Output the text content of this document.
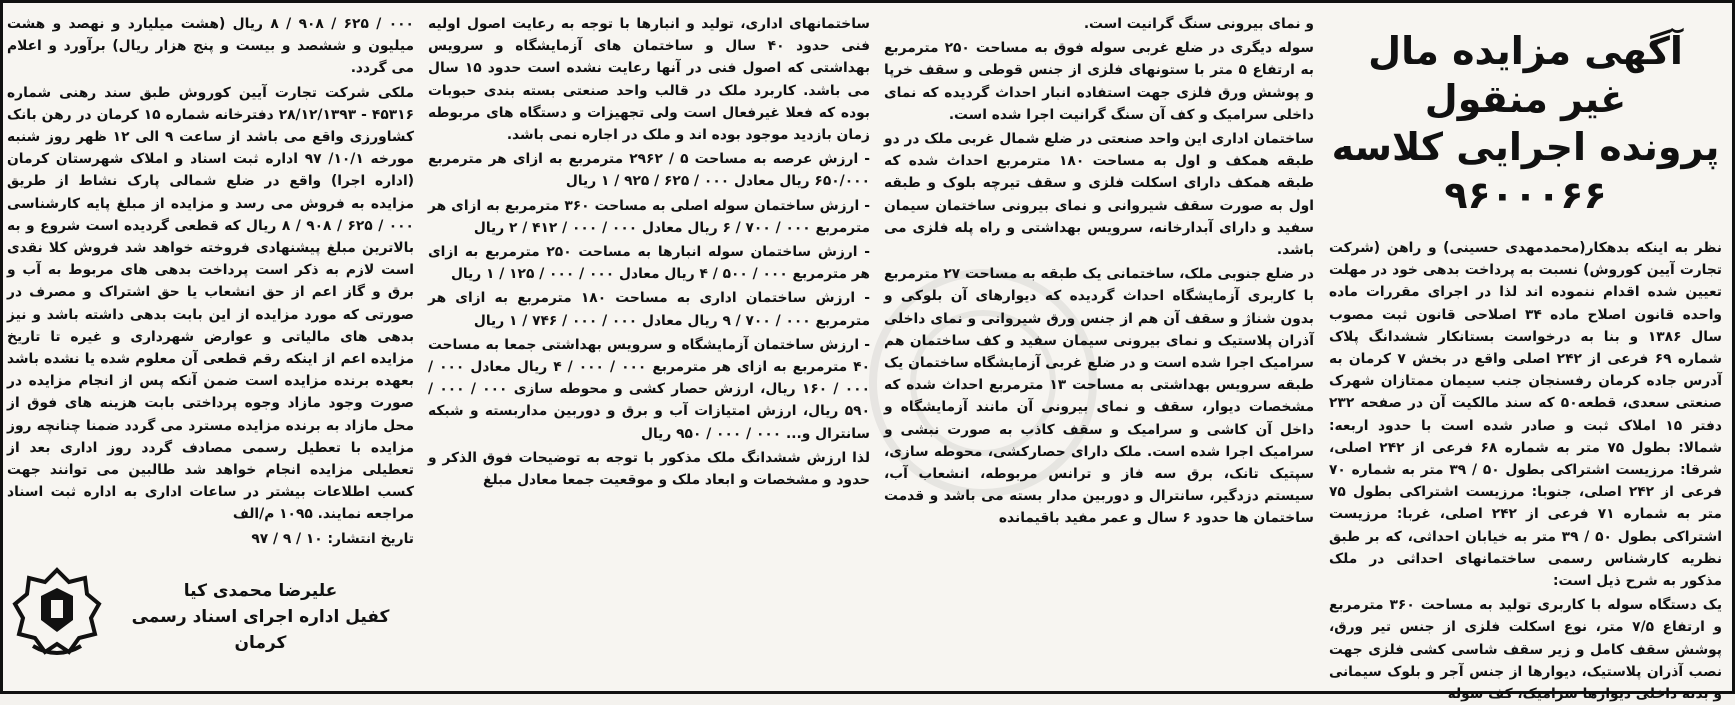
آگهی مزایده مال غیر منقول
پرونده اجرایی کلاسه ۹۶۰۰۰۶۶

نظر به اینکه بدهکار(محمدمهدی حسینی) و راهن (شرکت تجارت آیین کوروش) نسبت به پرداخت بدهی خود در مهلت تعیین شده اقدام ننموده اند لذا در اجرای مقررات ماده واحده قانون اصلاح ماده ۳۴ اصلاحی قانون ثبت مصوب سال ۱۳۸۶ و بنا به درخواست بستانکار ششدانگ پلاک شماره ۶۹ فرعی از ۲۴۲ اصلی واقع در بخش ۷ کرمان به آدرس جاده کرمان رفسنجان جنب سیمان ممتازان شهرک صنعتی سعدی، قطعه۵۰ که سند مالکیت آن در صفحه ۲۳۲ دفتر ۱۵ املاک ثبت و صادر شده است با حدود اربعه: شمالا: بطول ۷۵ متر به شماره ۶۸ فرعی از ۲۴۲ اصلی، شرقا: مرزیست اشتراکی بطول ۵۰ / ۳۹ متر به شماره ۷۰ فرعی از ۲۴۲ اصلی، جنوبا: مرزیست اشتراکی بطول ۷۵ متر به شماره ۷۱ فرعی از ۲۴۲ اصلی، غربا: مرزیست اشتراکی بطول ۵۰ / ۳۹ متر به خیابان احداثی، که بر طبق نظریه کارشناس رسمی ساختمانهای احداثی در ملک مذکور به شرح ذیل است:

یک دستگاه سوله با کاربری تولید به مساحت ۳۶۰ مترمربع و ارتفاع ۷/۵ متر، نوع اسکلت فلزی از جنس تیر ورق، پوشش سقف کامل و زیر سقف شاسی کشی فلزی جهت نصب آذران پلاستیک، دیوارها از جنس آجر و بلوک سیمانی و بدنه داخلی دیوارها سرامیک، کف سوله

و نمای بیرونی سنگ گرانیت است.

سوله دیگری در ضلع غربی سوله فوق به مساحت ۲۵۰ مترمربع به ارتفاع ۵ متر با ستونهای فلزی از جنس قوطی و سقف خرپا و پوشش ورق فلزی جهت استفاده انبار احداث گردیده که نمای داخلی سرامیک و کف آن سنگ گرانیت اجرا شده است.

ساختمان اداری این واحد صنعتی در ضلع شمال غربی ملک در دو طبقه همکف و اول به مساحت ۱۸۰ مترمربع احداث شده که طبقه همکف دارای اسکلت فلزی و سقف تیرچه بلوک و طبقه اول به صورت سقف شیروانی و نمای بیرونی ساختمان سیمان سفید و دارای آبدارخانه، سرویس بهداشتی و راه پله فلزی می باشد.

در ضلع جنوبی ملک، ساختمانی یک طبقه به مساحت ۲۷ مترمربع با کاربری آزمایشگاه احداث گردیده که دیوارهای آن بلوکی و بدون شناژ و سقف آن هم از جنس ورق شیروانی و نمای داخلی آذران پلاستیک و نمای بیرونی سیمان سفید و کف ساختمان هم سرامیک اجرا شده است و در ضلع غربی آزمایشگاه ساختمان یک طبقه سرویس بهداشتی به مساحت ۱۳ مترمربع احداث شده که مشخصات دیوار، سقف و نمای بیرونی آن مانند آزمایشگاه و داخل آن کاشی و سرامیک و سقف کاذب به صورت نبشی و سرامیک اجرا شده است. ملک دارای حصارکشی، محوطه سازی، سپتیک تانک، برق سه فاز و ترانس مربوطه، انشعاب آب، سیستم دزدگیر، سانترال و دوربین مدار بسته می باشد و قدمت ساختمان ها حدود ۶ سال و عمر مفید باقیمانده

ساختمانهای اداری، تولید و انبارها با توجه به رعایت اصول اولیه فنی حدود ۴۰ سال و ساختمان های آزمایشگاه و سرویس بهداشتی که اصول فنی در آنها رعایت نشده است حدود ۱۵ سال می باشد. کاربرد ملک در قالب واحد صنعتی بسته بندی حبوبات بوده که فعلا غیرفعال است ولی تجهیزات و دستگاه های مربوطه زمان بازدید موجود بوده اند و ملک در اجاره نمی باشد.

- ارزش عرصه به مساحت ۵ / ۲۹۶۲ مترمربع به ازای هر مترمربع ۶۵۰/۰۰۰ ریال معادل ۰۰۰ / ۶۲۵ / ۹۲۵ / ۱ ریال

- ارزش ساختمان سوله اصلی به مساحت ۳۶۰ مترمربع به ازای هر مترمربع ۰۰۰ / ۷۰۰ / ۶ ریال معادل ۰۰۰ / ۰۰۰ / ۴۱۲ / ۲ ریال

- ارزش ساختمان سوله انبارها به مساحت ۲۵۰ مترمربع به ازای هر مترمربع ۰۰۰ / ۵۰۰ / ۴ ریال معادل ۰۰۰ / ۰۰۰ / ۱۲۵ / ۱ ریال

- ارزش ساختمان اداری به مساحت ۱۸۰ مترمربع به ازای هر مترمربع ۰۰۰ / ۷۰۰ / ۹ ریال معادل ۰۰۰ / ۰۰۰ / ۷۴۶ / ۱ ریال

- ارزش ساختمان آزمایشگاه و سرویس بهداشتی جمعا به مساحت ۴۰ مترمربع به ازای هر مترمربع ۰۰۰ / ۰۰۰ / ۴ ریال معادل ۰۰۰ / ۰۰۰ / ۱۶۰ ریال، ارزش حصار کشی و محوطه سازی ۰۰۰ / ۰۰۰ / ۵۹۰ ریال، ارزش امتیازات آب و برق و دوربین مداربسته و شبکه سانترال و... ۰۰۰ / ۰۰۰ / ۹۵۰ ریال

لذا ارزش ششدانگ ملک مذکور با توجه به توضیحات فوق الذکر و حدود و مشخصات و ابعاد ملک و موقعیت جمعا معادل مبلغ

۰۰۰ / ۶۲۵ / ۹۰۸ / ۸ ریال (هشت میلیارد و نهصد و هشت میلیون و ششصد و بیست و پنج هزار ریال) برآورد و اعلام می گردد.

ملکی شرکت تجارت آیین کوروش طبق سند رهنی شماره ۴۵۳۱۶ - ۲۸/۱۲/۱۳۹۳ دفترخانه شماره ۱۵ کرمان در رهن بانک کشاورزی واقع می باشد از ساعت ۹ الی ۱۲ ظهر روز شنبه مورخه ۱۰/۱/ ۹۷ اداره ثبت اسناد و املاک شهرستان کرمان (اداره اجرا) واقع در ضلع شمالی پارک نشاط از طریق مزایده به فروش می رسد و مزایده از مبلغ پایه کارشناسی ۰۰۰ / ۶۲۵ / ۹۰۸ / ۸ ریال که قطعی گردیده است شروع و به بالاترین مبلغ پیشنهادی فروخته خواهد شد فروش کلا نقدی است لازم به ذکر است پرداخت بدهی های مربوط به آب و برق و گاز اعم از حق انشعاب یا حق اشتراک و مصرف در صورتی که مورد مزایده از این بابت بدهی داشته باشد و نیز بدهی های مالیاتی و عوارض شهرداری و غیره تا تاریخ مزایده اعم از اینکه رقم قطعی آن معلوم شده یا نشده باشد بعهده برنده مزایده است ضمن آنکه پس از انجام مزایده در صورت وجود مازاد وجوه پرداختی بابت هزینه های فوق از محل مازاد به برنده مزایده مسترد می گردد ضمنا چنانچه روز مزایده با تعطیل رسمی مصادف گردد روز اداری بعد از تعطیلی مزایده انجام خواهد شد طالبین می توانند جهت کسب اطلاعات بیشتر در ساعات اداری به اداره ثبت اسناد مراجعه نمایند. ۱۰۹۵ م/الف

تاریخ انتشار: ۱۰ / ۹ / ۹۷

علیرضا محمدی کیا
کفیل اداره اجرای اسناد رسمی کرمان
